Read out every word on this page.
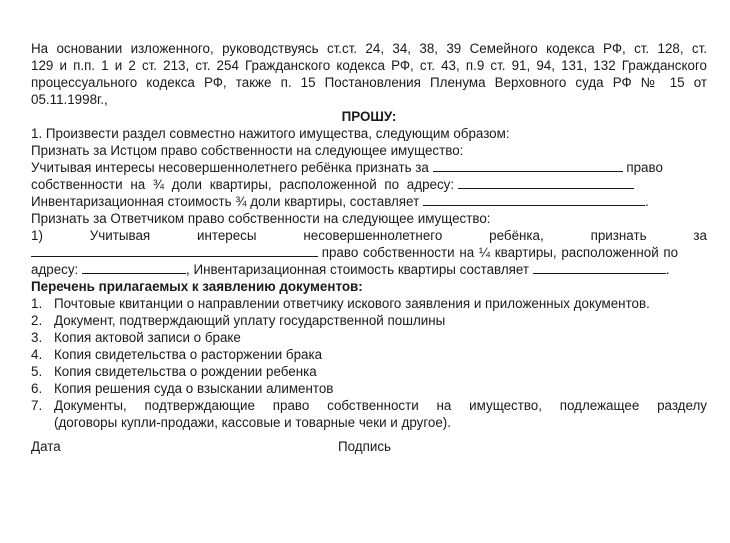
На основании изложенного, руководствуясь ст.ст. 24, 34, 38, 39 Семейного кодекса РФ, ст. 128, ст.
129 и п.п. 1 и 2 ст. 213, ст. 254 Гражданского кодекса РФ, ст. 43, п.9 ст. 91, 94, 131, 132 Гражданского
процессуального кодекса РФ, также п. 15 Постановления Пленума Верховного суда РФ № 15 от
05.11.1998г.,
ПРОШУ:
1. Произвести раздел совместно нажитого имущества, следующим образом:
Признать за Истцом право собственности на следующее имущество:
Учитывая интересы несовершеннолетнего ребёнка признать за	право
собственности на ¾ доли квартиры, расположенной по адресу:
Инвентаризационная стоимость ¾ доли квартиры, составляет	.
Признать за Ответчиком право собственности на следующее имущество:
1) Учитывая интересы несовершеннолетнего ребёнка, признать за
право собственности на ¼ квартиры, расположенной по
адресу:	, Инвентаризационная стоимость квартиры составляет	.
Перечень прилагаемых к заявлению документов:
1. Почтовые квитанции о направлении ответчику искового заявления и приложенных документов.
2. Документ, подтверждающий уплату государственной пошлины
3. Копия актовой записи о браке
4. Копия свидетельства о расторжении брака
5. Копия свидетельства о рождении ребенка
6. Копия решения суда о взыскании алиментов
7. Документы, подтверждающие право собственности на имущество, подлежащее разделу
(договоры купли-продажи, кассовые и товарные чеки и другое).
Дата	Подпись
